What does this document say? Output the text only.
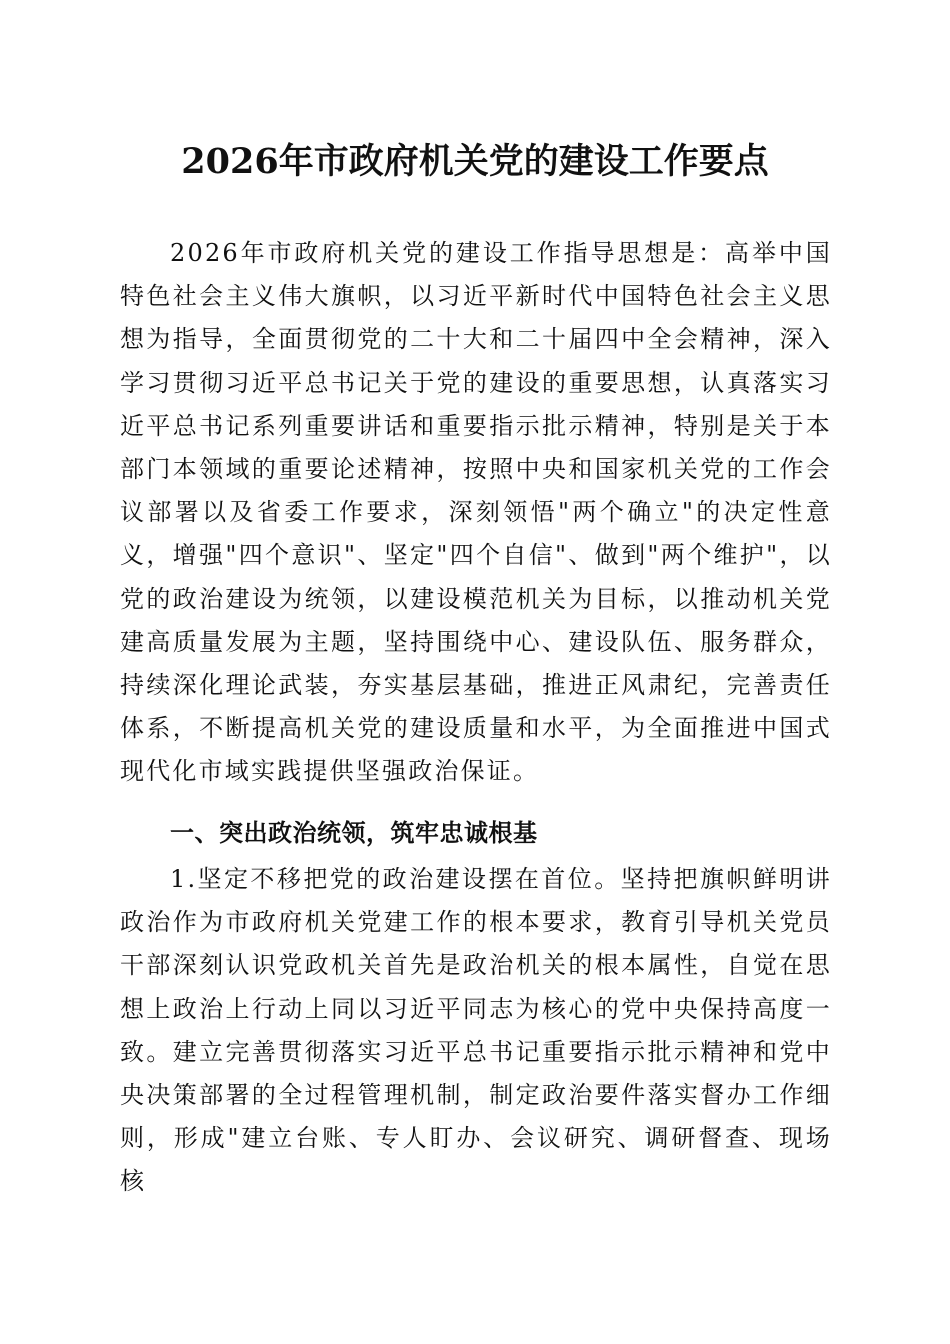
2026年市政府机关党的建设工作要点

2026年市政府机关党的建设工作指导思想是：高举中国特色社会主义伟大旗帜，以习近平新时代中国特色社会主义思想为指导，全面贯彻党的二十大和二十届四中全会精神，深入学习贯彻习近平总书记关于党的建设的重要思想，认真落实习近平总书记系列重要讲话和重要指示批示精神，特别是关于本部门本领域的重要论述精神，按照中央和国家机关党的工作会议部署以及省委工作要求，深刻领悟"两个确立"的决定性意义，增强"四个意识"、坚定"四个自信"、做到"两个维护"，以党的政治建设为统领，以建设模范机关为目标，以推动机关党建高质量发展为主题，坚持围绕中心、建设队伍、服务群众，持续深化理论武装，夯实基层基础，推进正风肃纪，完善责任体系，不断提高机关党的建设质量和水平，为全面推进中国式现代化市域实践提供坚强政治保证。

一、突出政治统领，筑牢忠诚根基

1.坚定不移把党的政治建设摆在首位。坚持把旗帜鲜明讲政治作为市政府机关党建工作的根本要求，教育引导机关党员干部深刻认识党政机关首先是政治机关的根本属性，自觉在思想上政治上行动上同以习近平同志为核心的党中央保持高度一致。建立完善贯彻落实习近平总书记重要指示批示精神和党中央决策部署的全过程管理机制，制定政治要件落实督办工作细则，形成"建立台账、专人盯办、会议研究、调研督查、现场核
